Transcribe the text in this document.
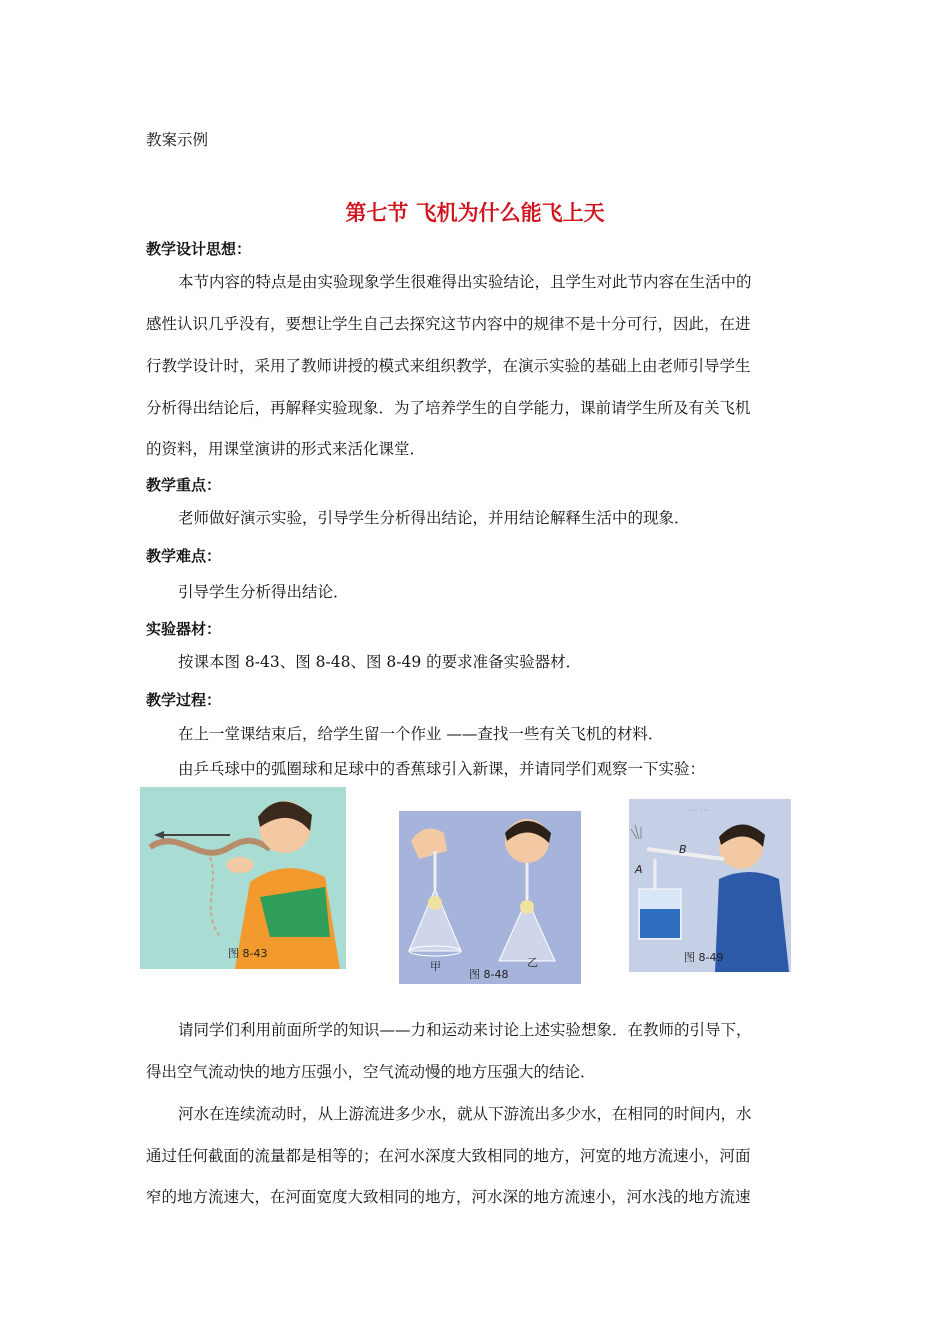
教案示例
第七节 飞机为什么能飞上天
教学设计思想：
本节内容的特点是由实验现象学生很难得出实验结论，且学生对此节内容在生活中的
感性认识几乎没有，要想让学生自己去探究这节内容中的规律不是十分可行，因此，在进
行教学设计时，采用了教师讲授的模式来组织教学，在演示实验的基础上由老师引导学生
分析得出结论后，再解释实验现象．为了培养学生的自学能力，课前请学生所及有关飞机
的资料，用课堂演讲的形式来活化课堂．
教学重点：
老师做好演示实验，引导学生分析得出结论，并用结论解释生活中的现象．
教学难点：
引导学生分析得出结论．
实验器材：
按课本图 8-43、图 8-48、图 8-49 的要求准备实验器材．
教学过程：
在上一堂课结束后，给学生留一个作业 ——查找一些有关飞机的材料．
由乒乓球中的弧圈球和足球中的香蕉球引入新课，并请同学们观察一下实验：
图 8-43
甲
图 8-48
乙
··· ···
B
A
图 8-49
请同学们利用前面所学的知识——力和运动来讨论上述实验想象．在教师的引导下，
得出空气流动快的地方压强小，空气流动慢的地方压强大的结论．
河水在连续流动时，从上游流进多少水，就从下游流出多少水，在相同的时间内，水
通过任何截面的流量都是相等的；在河水深度大致相同的地方，河宽的地方流速小，河面
窄的地方流速大，在河面宽度大致相同的地方，河水深的地方流速小，河水浅的地方流速
